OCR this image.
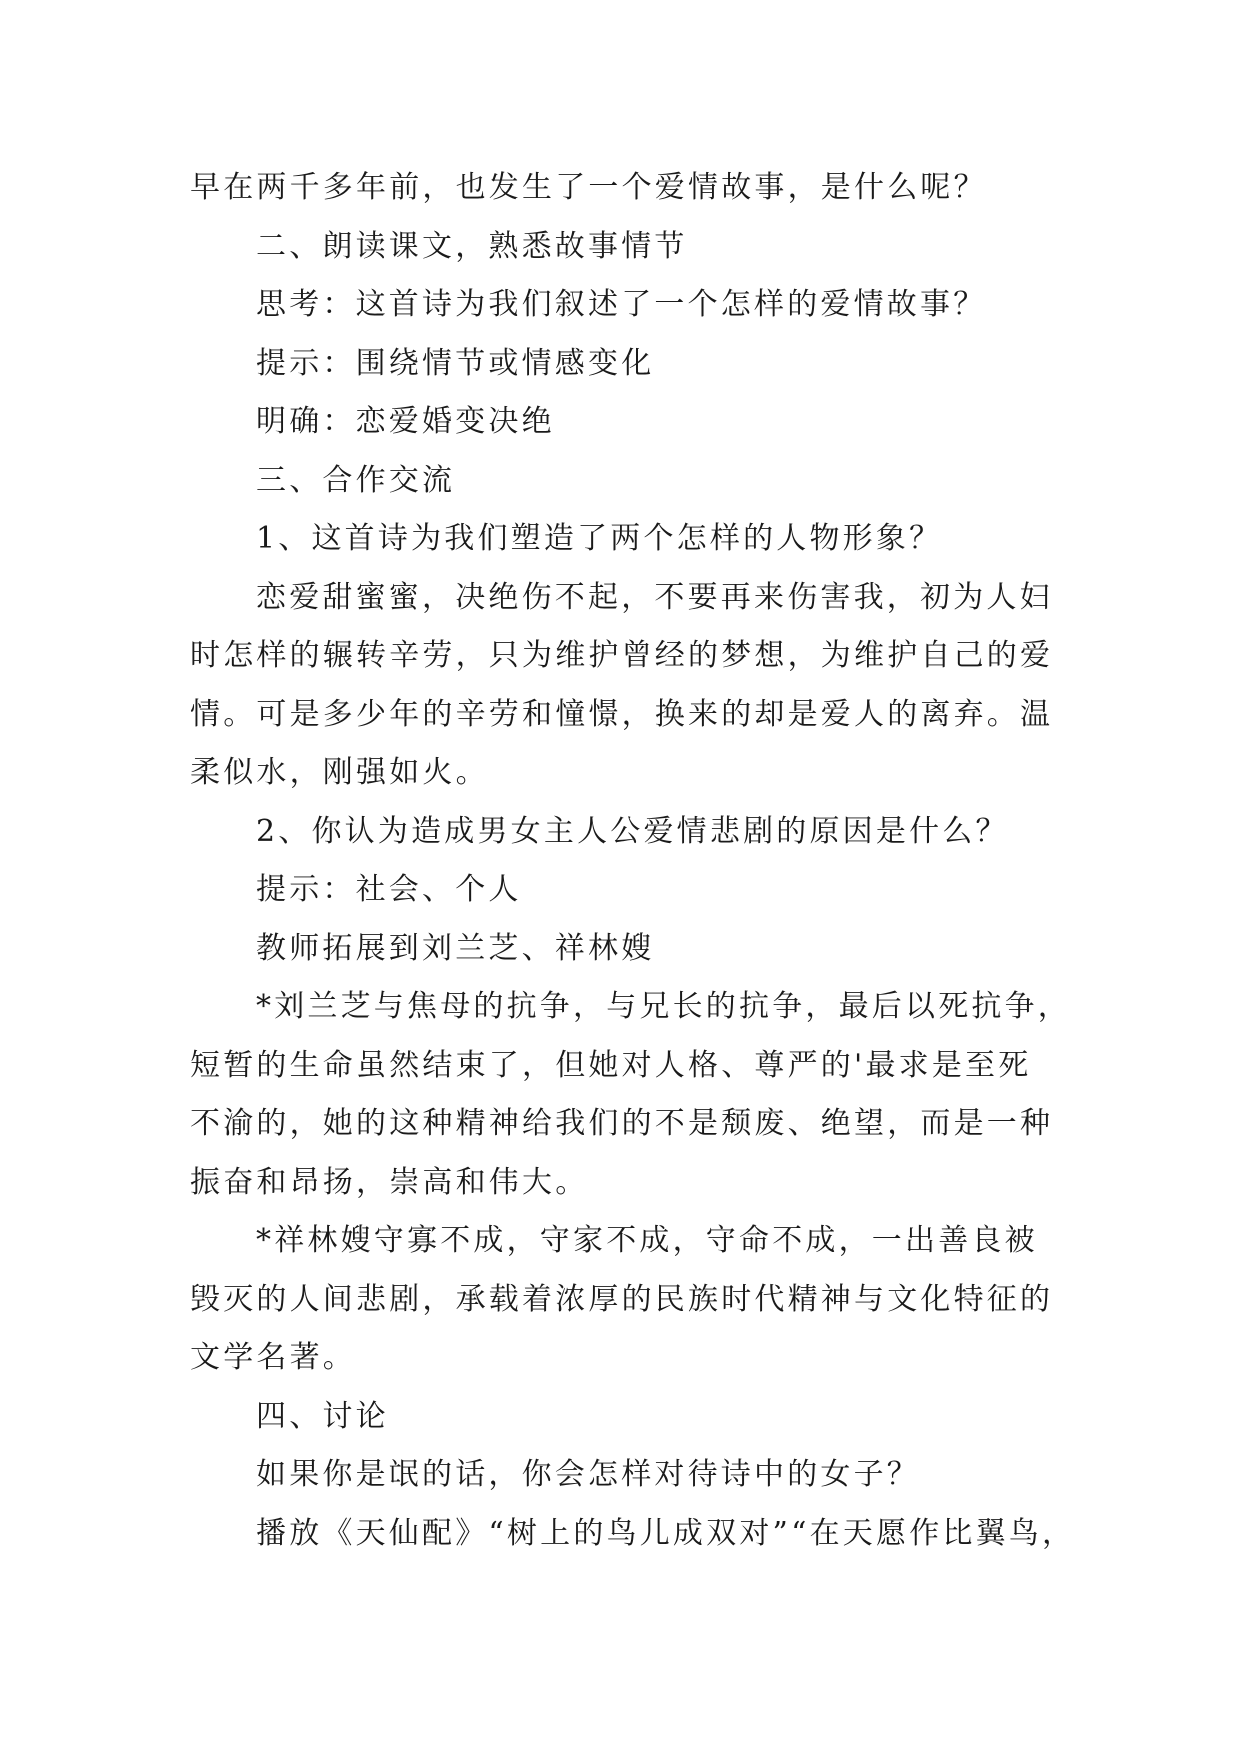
早在两千多年前，也发生了一个爱情故事，是什么呢？
二、朗读课文，熟悉故事情节
思考：这首诗为我们叙述了一个怎样的爱情故事？
提示：围绕情节或情感变化
明确：恋爱婚变决绝
三、合作交流
1、这首诗为我们塑造了两个怎样的人物形象？
恋爱甜蜜蜜，决绝伤不起，不要再来伤害我，初为人妇
时怎样的辗转辛劳，只为维护曾经的梦想，为维护自己的爱
情。可是多少年的辛劳和憧憬，换来的却是爱人的离弃。温
柔似水，刚强如火。
2、你认为造成男女主人公爱情悲剧的原因是什么？
提示：社会、个人
教师拓展到刘兰芝、祥林嫂
*刘兰芝与焦母的抗争，与兄长的抗争，最后以死抗争，
短暂的生命虽然结束了，但她对人格、尊严的'最求是至死
不渝的，她的这种精神给我们的不是颓废、绝望，而是一种
振奋和昂扬，崇高和伟大。
*祥林嫂守寡不成，守家不成，守命不成，一出善良被
毁灭的人间悲剧，承载着浓厚的民族时代精神与文化特征的
文学名著。
四、讨论
如果你是氓的话，你会怎样对待诗中的女子？
播放《天仙配》“树上的鸟儿成双对”“在天愿作比翼鸟，
